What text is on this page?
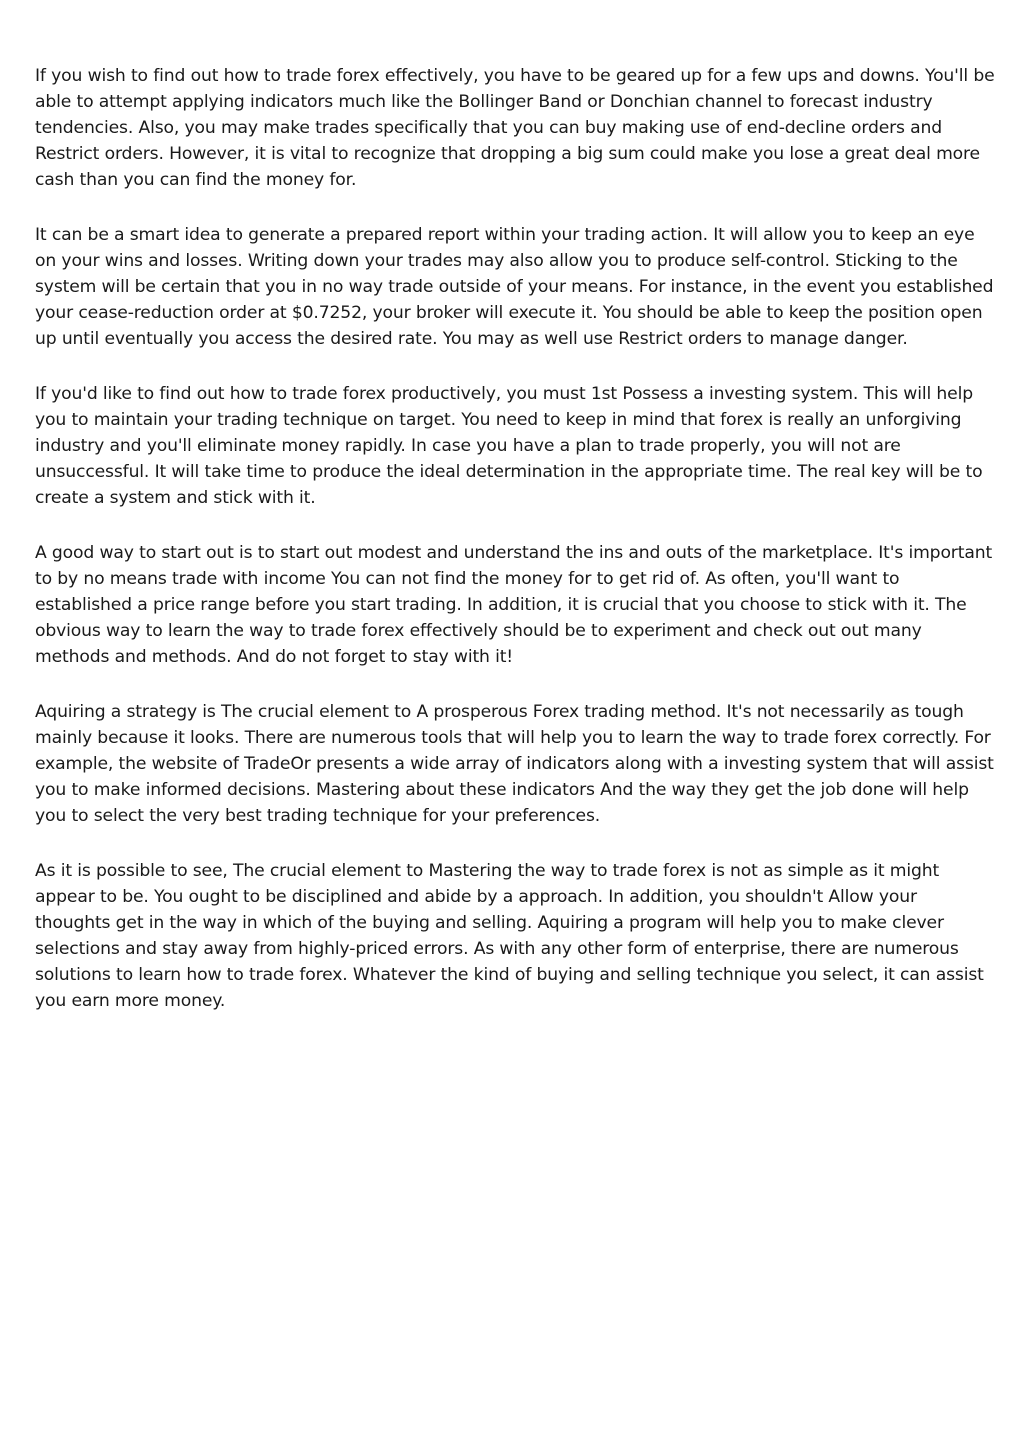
If you wish to find out how to trade forex effectively, you have to be geared up for a few ups and downs. You'll be able to attempt applying indicators much like the Bollinger Band or Donchian channel to forecast industry tendencies. Also, you may make trades specifically that you can buy making use of end-decline orders and Restrict orders. However, it is vital to recognize that dropping a big sum could make you lose a great deal more cash than you can find the money for.

It can be a smart idea to generate a prepared report within your trading action. It will allow you to keep an eye on your wins and losses. Writing down your trades may also allow you to produce self-control. Sticking to the system will be certain that you in no way trade outside of your means. For instance, in the event you established your cease-reduction order at $0.7252, your broker will execute it. You should be able to keep the position open up until eventually you access the desired rate. You may as well use Restrict orders to manage danger.

If you'd like to find out how to trade forex productively, you must 1st Possess a investing system. This will help you to maintain your trading technique on target. You need to keep in mind that forex is really an unforgiving industry and you'll eliminate money rapidly. In case you have a plan to trade properly, you will not are unsuccessful. It will take time to produce the ideal determination in the appropriate time. The real key will be to create a system and stick with it.

A good way to start out is to start out modest and understand the ins and outs of the marketplace. It's important to by no means trade with income You can not find the money for to get rid of. As often, you'll want to established a price range before you start trading. In addition, it is crucial that you choose to stick with it. The obvious way to learn the way to trade forex effectively should be to experiment and check out out many methods and methods. And do not forget to stay with it!

Aquiring a strategy is The crucial element to A prosperous Forex trading method. It's not necessarily as tough mainly because it looks. There are numerous tools that will help you to learn the way to trade forex correctly. For example, the website of TradeOr presents a wide array of indicators along with a investing system that will assist you to make informed decisions. Mastering about these indicators And the way they get the job done will help you to select the very best trading technique for your preferences.

As it is possible to see, The crucial element to Mastering the way to trade forex is not as simple as it might appear to be. You ought to be disciplined and abide by a approach. In addition, you shouldn't Allow your thoughts get in the way in which of the buying and selling. Aquiring a program will help you to make clever selections and stay away from highly-priced errors. As with any other form of enterprise, there are numerous solutions to learn how to trade forex. Whatever the kind of buying and selling technique you select, it can assist you earn more money.
